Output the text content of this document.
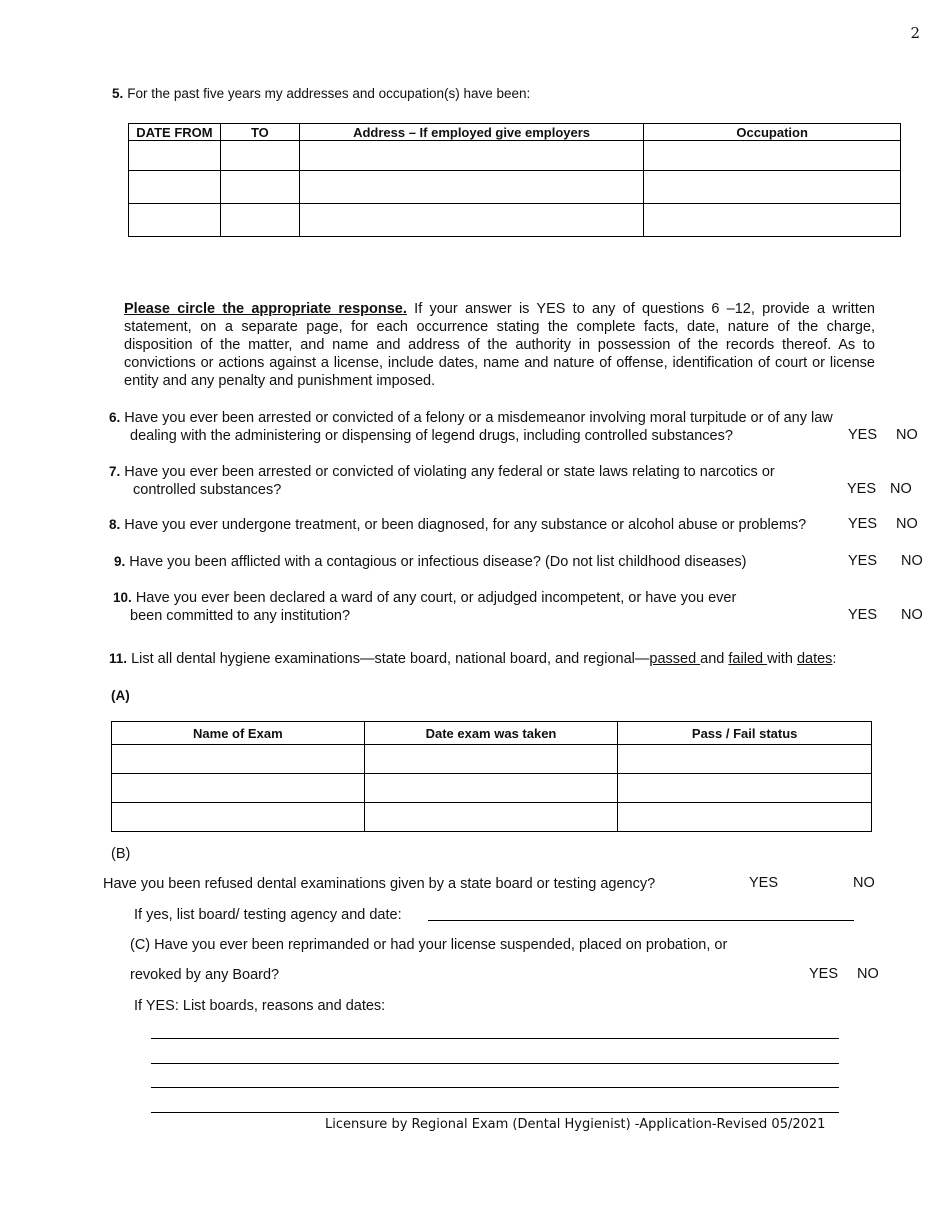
2
5. For the past five years my addresses and occupation(s) have been:
DATE FROM	TO	Address – If employed give employers	Occupation

Please circle the appropriate response. If your answer is YES to any of questions 6 –12, provide a written statement, on a separate page, for each occurrence stating the complete facts, date, nature of the charge, disposition of the matter, and name and address of the authority in possession of the records thereof. As to convictions or actions against a license, include dates, name and nature of offense, identification of court or license entity and any penalty and punishment imposed.
6. Have you ever been arrested or convicted of a felony or a misdemeanor involving moral turpitude or of any law
dealing with the administering or dispensing of legend drugs, including controlled substances?	YES NO
7. Have you ever been arrested or convicted of violating any federal or state laws relating to narcotics or
controlled substances?	YES NO
8. Have you ever undergone treatment, or been diagnosed, for any substance or alcohol abuse or problems?	YES NO
9. Have you been afflicted with a contagious or infectious disease? (Do not list childhood diseases)	YES NO
10. Have you ever been declared a ward of any court, or adjudged incompetent, or have you ever
been committed to any institution?	YES NO
11. List all dental hygiene examinations—state board, national board, and regional—passed and failed with dates:
(A)
Name of Exam	Date exam was taken	Pass / Fail status

(B)
Have you been refused dental examinations given by a state board or testing agency?	YES	NO
If yes, list board/ testing agency and date:
(C) Have you ever been reprimanded or had your license suspended, placed on probation, or
revoked by any Board?	YES NO
If YES: List boards, reasons and dates:
Licensure by Regional Exam (Dental Hygienist) -Application-Revised 05/2021
